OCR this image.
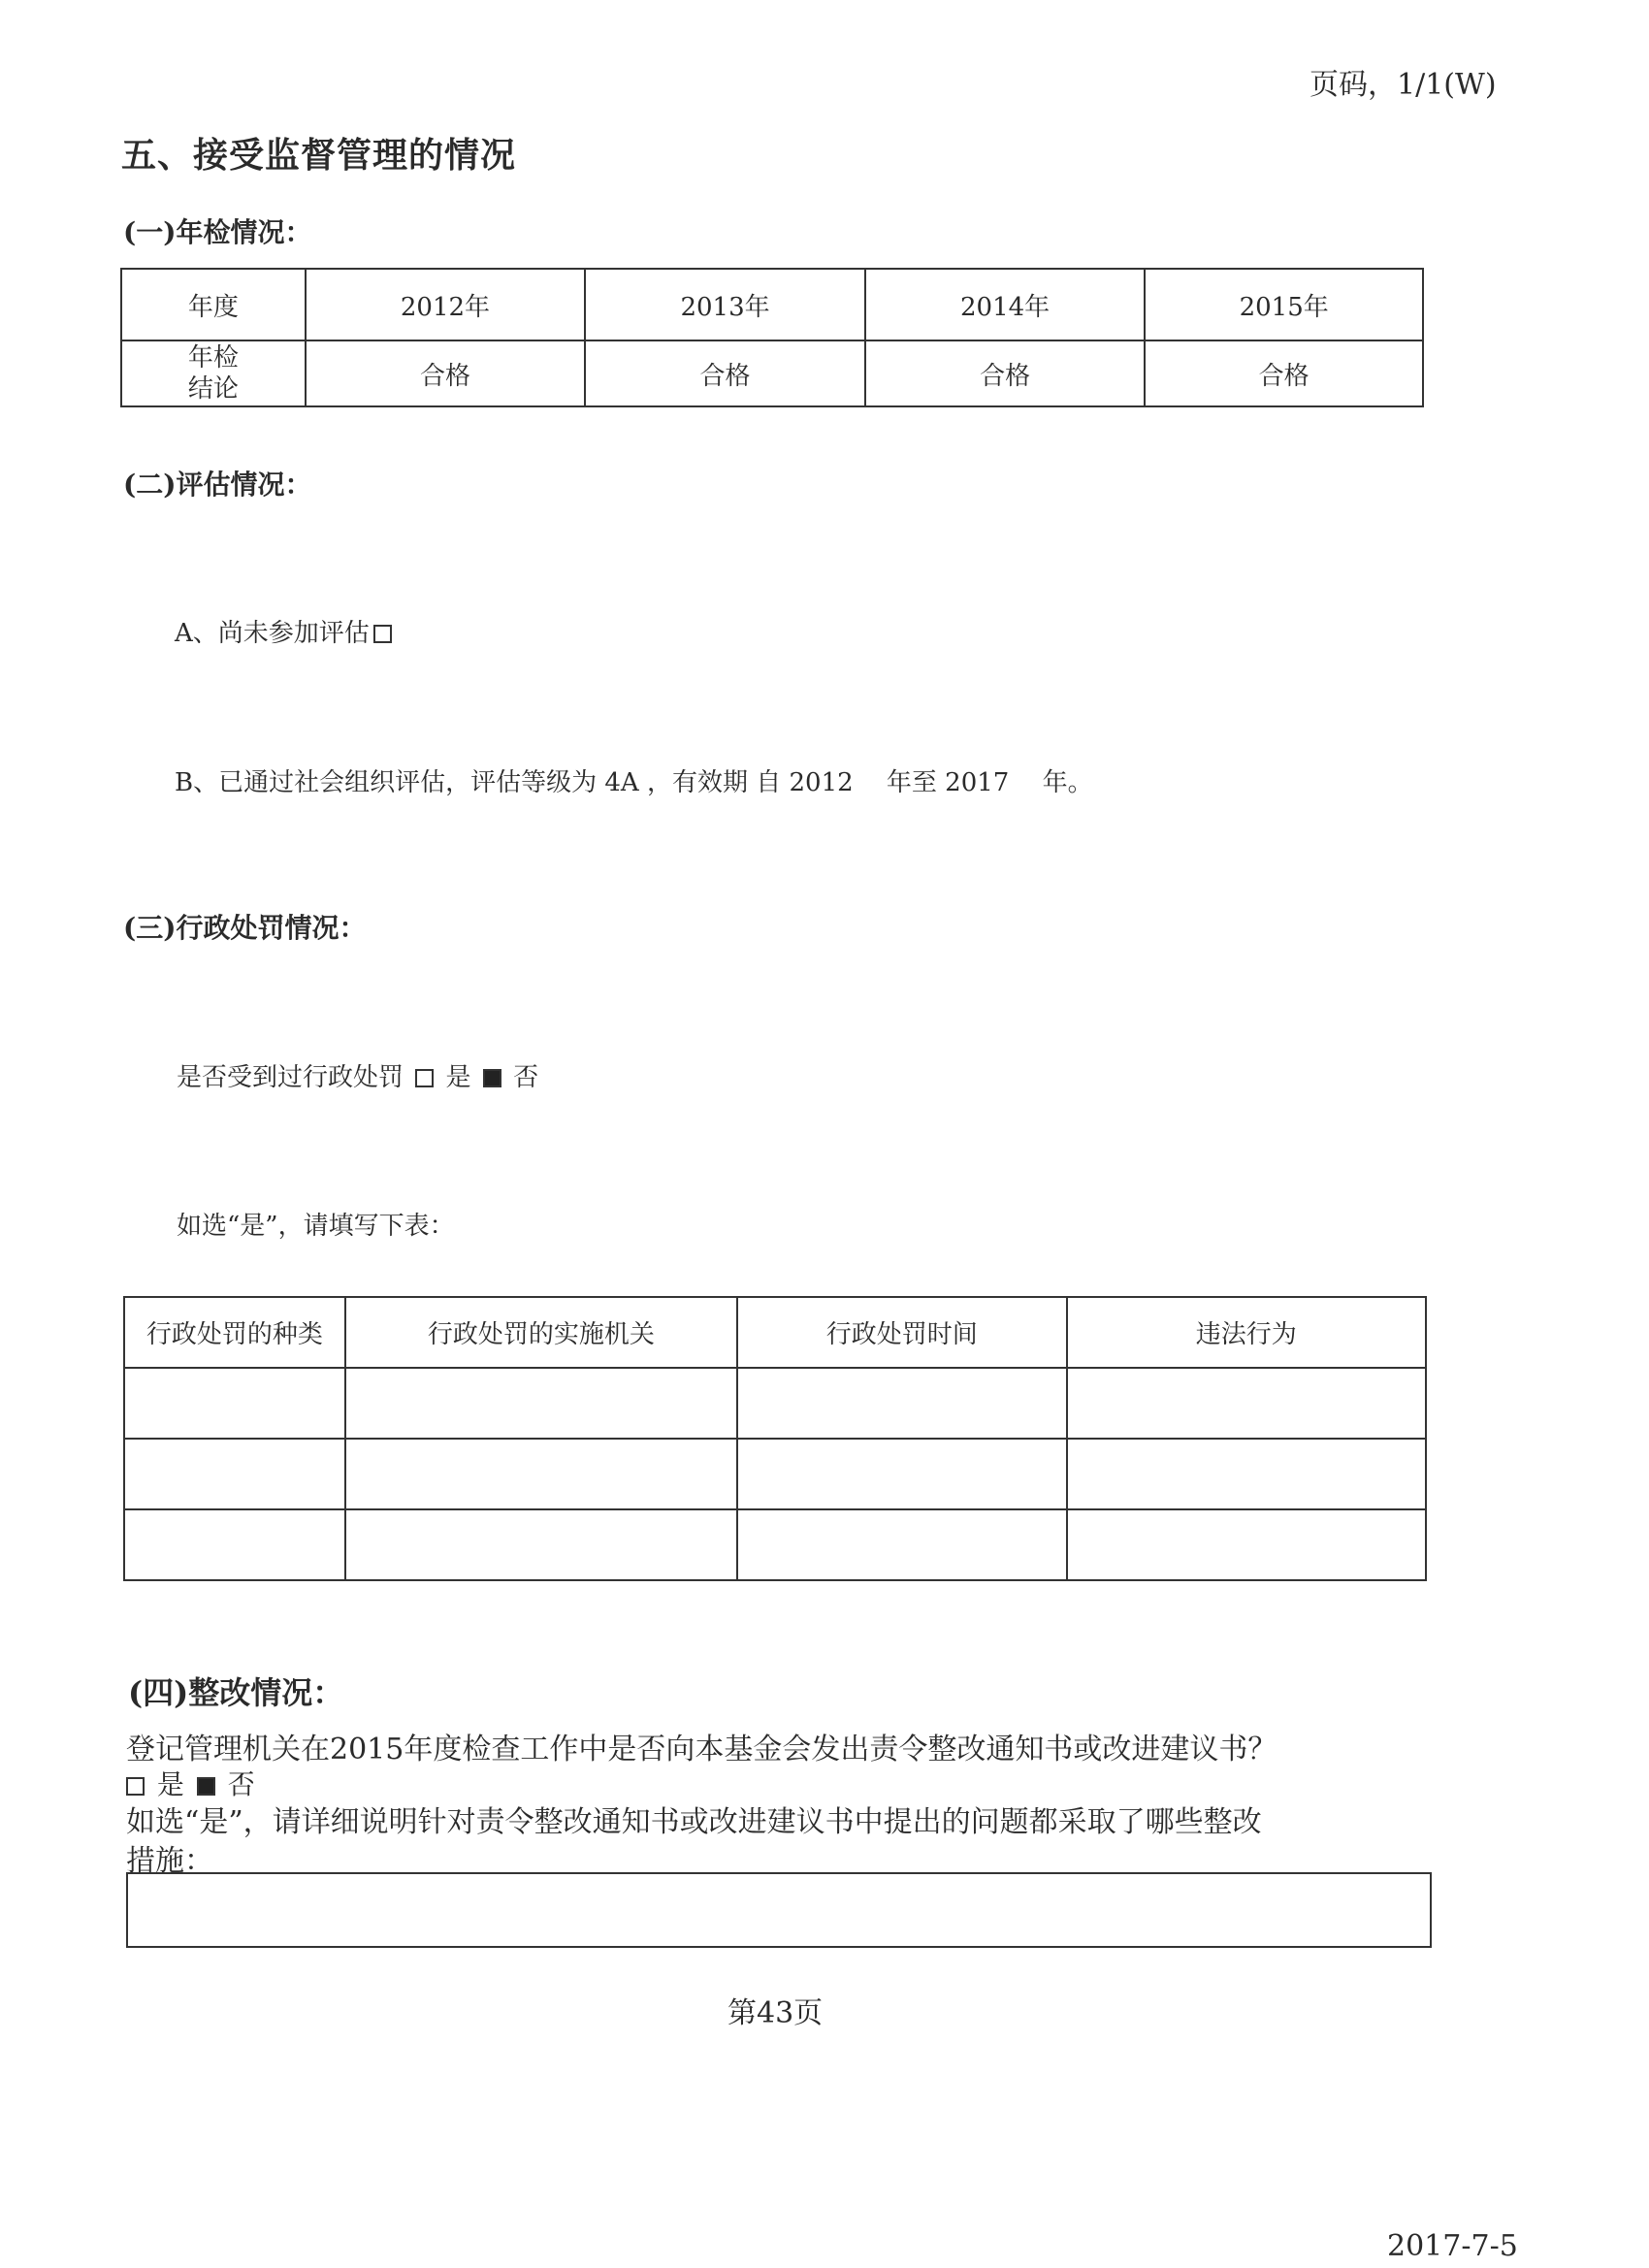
页码，1/1(W)
五、接受监督管理的情况
(一)年检情况：
年度	2012年	2013年	2014年	2015年

年检
结论	合格	合格	合格	合格
(二)评估情况：
A、尚未参加评估
B、已通过社会组织评估，评估等级为 4A ，有效期 自 2012　 年至 2017　 年。
(三)行政处罚情况：
是否受到过行政处罚 是 否
如选“是”，请填写下表：
行政处罚的种类	行政处罚的实施机关	行政处罚时间	违法行为

(四)整改情况：
登记管理机关在2015年度检查工作中是否向本基金会发出责令整改通知书或改进建议书？
是 否
如选“是”，请详细说明针对责令整改通知书或改进建议书中提出的问题都采取了哪些整改
措施：
第43页
2017-7-5
